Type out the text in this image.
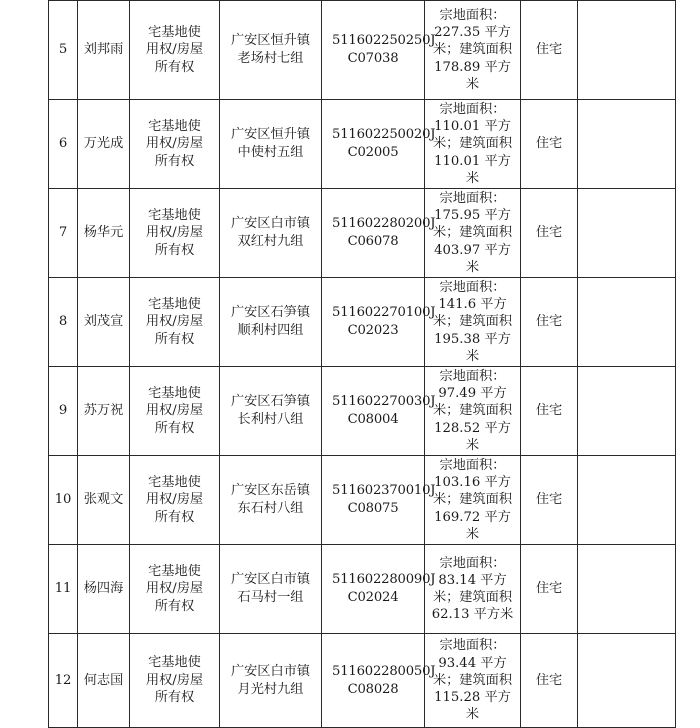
5	刘邦雨	宅基地使
用权/房屋
所有权	广安区恒升镇
老场村七组	511602250250J
C07038	宗地面积：
227.35 平方
米；建筑面积
178.89 平方
米	住宅	

6	万光成	宅基地使
用权/房屋
所有权	广安区恒升镇
中使村五组	511602250020J
C02005	宗地面积：
110.01 平方
米；建筑面积
110.01 平方
米	住宅	

7	杨华元	宅基地使
用权/房屋
所有权	广安区白市镇
双红村九组	511602280200J
C06078	宗地面积：
175.95 平方
米；建筑面积
403.97 平方
米	住宅	

8	刘茂宣	宅基地使
用权/房屋
所有权	广安区石笋镇
顺利村四组	511602270100J
C02023	宗地面积：
141.6 平方
米；建筑面积
195.38 平方
米	住宅	

9	苏万祝	宅基地使
用权/房屋
所有权	广安区石笋镇
长利村八组	511602270030J
C08004	宗地面积：
97.49 平方
米；建筑面积
128.52 平方
米	住宅	

10	张观文	宅基地使
用权/房屋
所有权	广安区东岳镇
东石村八组	511602370010J
C08075	宗地面积：
103.16 平方
米；建筑面积
169.72 平方
米	住宅	

11	杨四海	宅基地使
用权/房屋
所有权	广安区白市镇
石马村一组	511602280090J
C02024	宗地面积：
83.14 平方
米；建筑面积
62.13 平方米	住宅	

12	何志国	宅基地使
用权/房屋
所有权	广安区白市镇
月光村九组	511602280050J
C08028	宗地面积：
93.44 平方
米；建筑面积
115.28 平方
米	住宅	
